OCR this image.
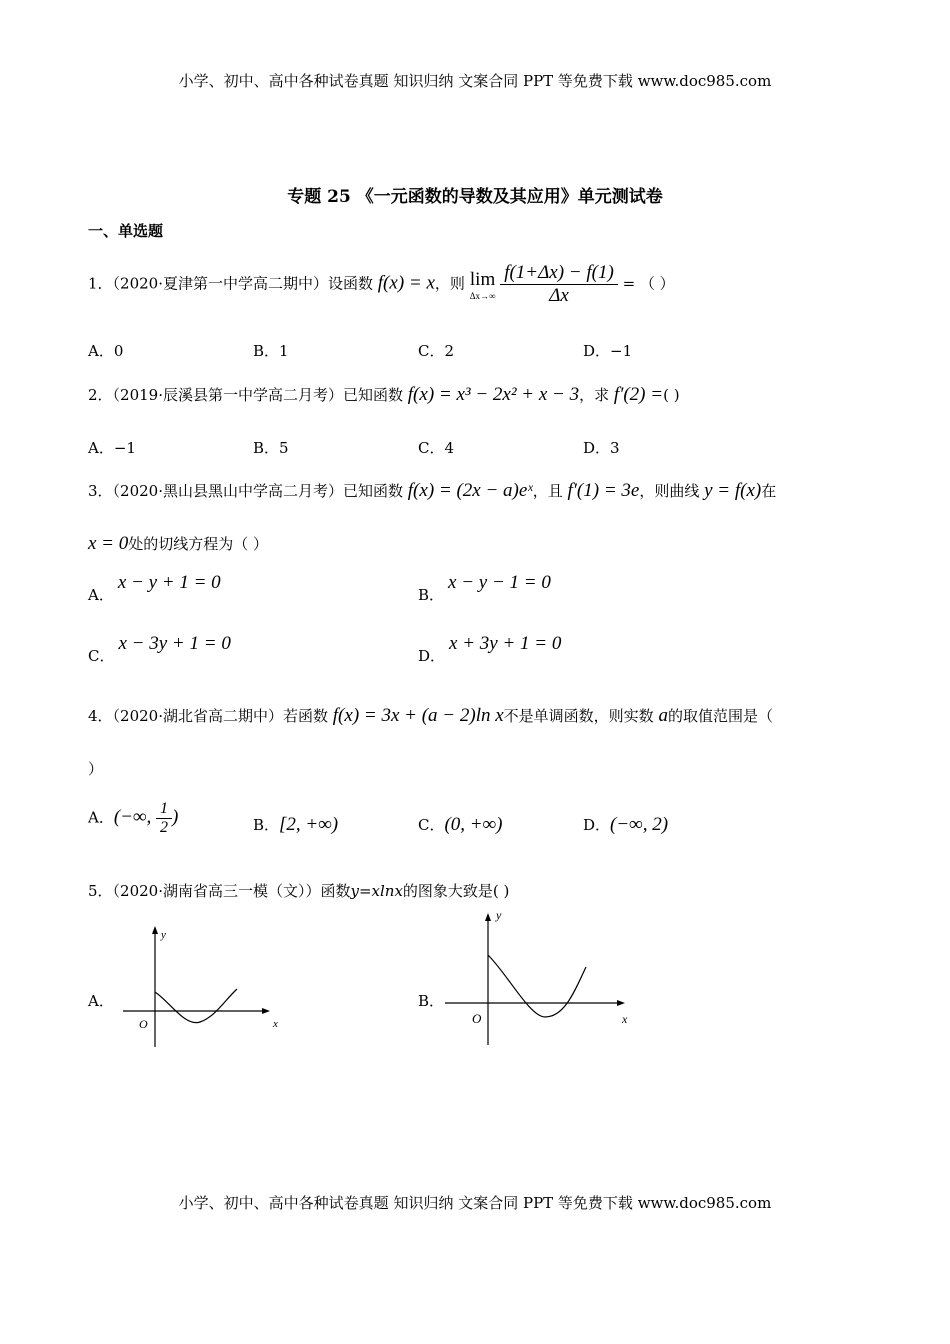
小学、初中、高中各种试卷真题 知识归纳 文案合同 PPT 等免费下载 www.doc985.com
专题 25 《一元函数的导数及其应用》单元测试卷
一、单选题
1．（2020·夏津第一中学高二期中）设函数 f(x) = x，则 lim
Δx→∞
$\frac{f(1+\Delta x) - f(1)}{\Delta x}$ = （ ）
A．0	B．1	C．2	D．−1
2．（2019·辰溪县第一中学高二月考）已知函数 f(x) = x³ − 2x² + x − 3，求 f′(2) =( )
A．−1	B．5	C．4	D．3
3．（2020·黑山县黑山中学高二月考）已知函数 f(x) = (2x − a)eˣ，且 f′(1) = 3e，则曲线 y = f(x)在
x = 0处的切线方程为（ ）
A．x − y + 1 = 0
B．x − y − 1 = 0
C．x − 3y + 1 = 0
D．x + 3y + 1 = 0
4．（2020·湖北省高二期中）若函数 f(x) = 3x + (a − 2)ln x不是单调函数，则实数 a的取值范围是（
）
A．(−∞, $\frac{1}{2}$ )	B．[2, +∞)	C．(0, +∞)	D．(−∞, 2)
5．（2020·湖南省高三一模（文））函数y=xlnx的图象大致是( )
A．
y
x
O
B．
y
x
O
小学、初中、高中各种试卷真题 知识归纳 文案合同 PPT 等免费下载 www.doc985.com
